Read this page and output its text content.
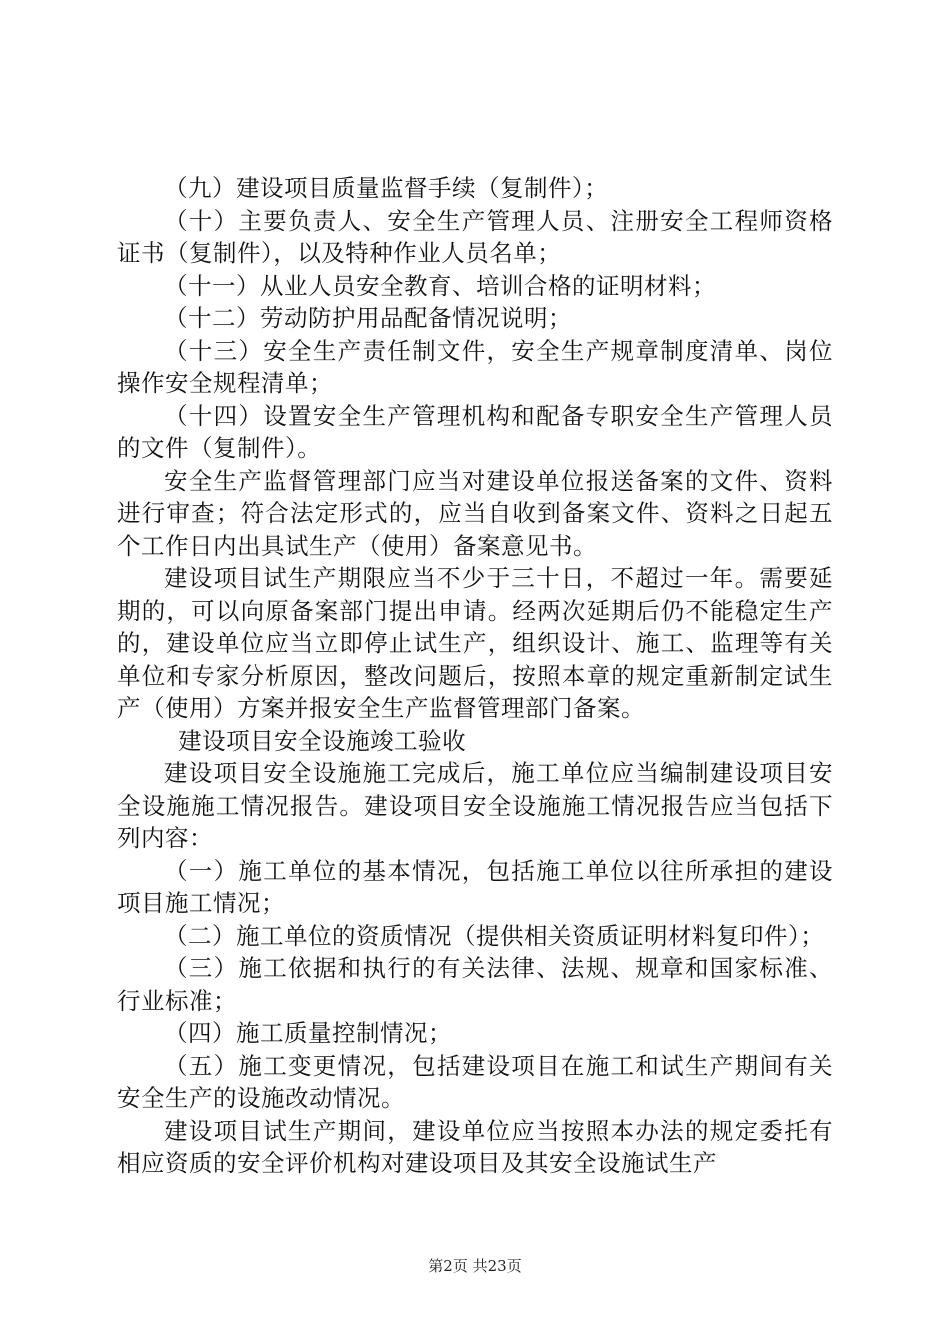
（九）建设项目质量监督手续（复制件）；

（十）主要负责人、安全生产管理人员、注册安全工程师资格证书（复制件），以及特种作业人员名单；

（十一）从业人员安全教育、培训合格的证明材料；

（十二）劳动防护用品配备情况说明；

（十三）安全生产责任制文件，安全生产规章制度清单、岗位操作安全规程清单；

（十四）设置安全生产管理机构和配备专职安全生产管理人员的文件（复制件）。

安全生产监督管理部门应当对建设单位报送备案的文件、资料进行审查；符合法定形式的，应当自收到备案文件、资料之日起五个工作日内出具试生产（使用）备案意见书。

建设项目试生产期限应当不少于三十日，不超过一年。需要延期的，可以向原备案部门提出申请。经两次延期后仍不能稳定生产的，建设单位应当立即停止试生产，组织设计、施工、监理等有关单位和专家分析原因，整改问题后，按照本章的规定重新制定试生产（使用）方案并报安全生产监督管理部门备案。

建设项目安全设施竣工验收

建设项目安全设施施工完成后，施工单位应当编制建设项目安全设施施工情况报告。建设项目安全设施施工情况报告应当包括下列内容：

（一）施工单位的基本情况，包括施工单位以往所承担的建设项目施工情况；

（二）施工单位的资质情况（提供相关资质证明材料复印件）；

（三）施工依据和执行的有关法律、法规、规章和国家标准、行业标准；

（四）施工质量控制情况；

（五）施工变更情况，包括建设项目在施工和试生产期间有关安全生产的设施改动情况。

建设项目试生产期间，建设单位应当按照本办法的规定委托有相应资质的安全评价机构对建设项目及其安全设施试生产

第2页 共23页
